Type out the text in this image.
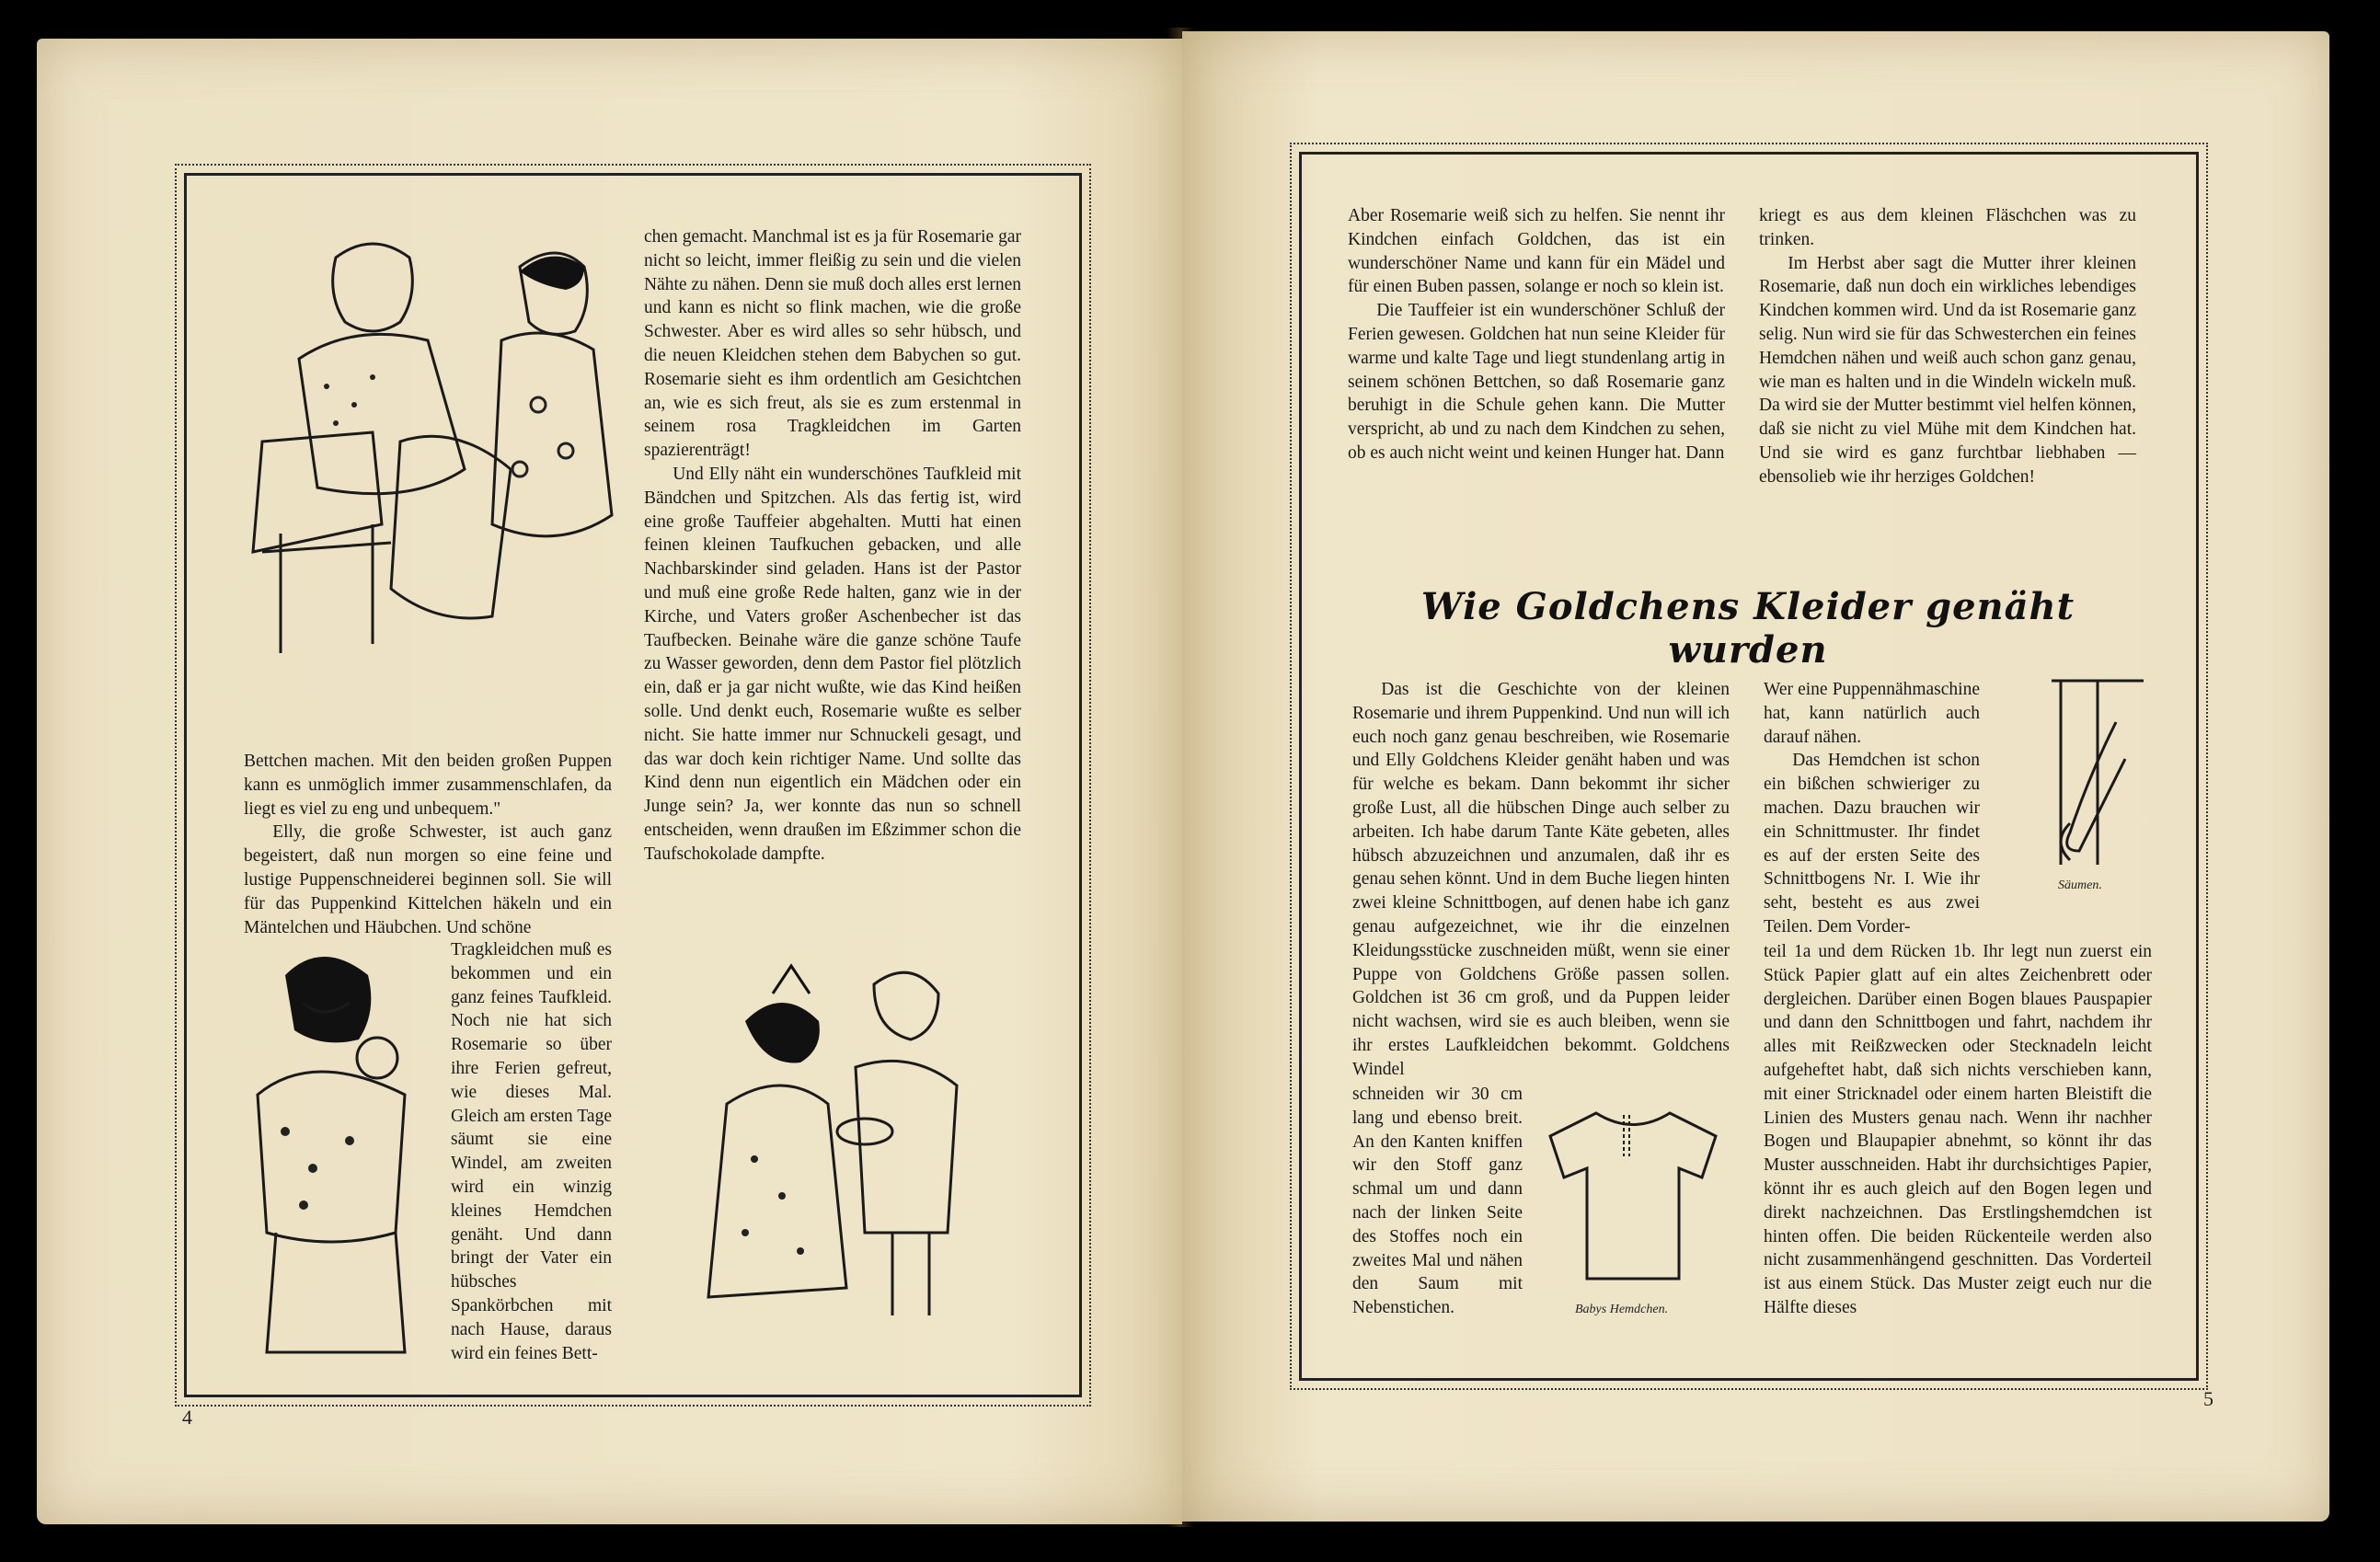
chen gemacht. Manchmal ist es ja für Rosemarie gar nicht so leicht, immer fleißig zu sein und die vielen Nähte zu nähen. Denn sie muß doch alles erst lernen und kann es nicht so flink machen, wie die große Schwester. Aber es wird alles so sehr hübsch, und die neuen Kleidchen stehen dem Babychen so gut. Rosemarie sieht es ihm ordentlich am Gesichtchen an, wie es sich freut, als sie es zum erstenmal in seinem rosa Tragkleidchen im Garten spazierenträgt!

Und Elly näht ein wunderschönes Taufkleid mit Bändchen und Spitzchen. Als das fertig ist, wird eine große Tauffeier abgehalten. Mutti hat einen feinen kleinen Taufkuchen gebacken, und alle Nachbarskinder sind geladen. Hans ist der Pastor und muß eine große Rede halten, ganz wie in der Kirche, und Vaters großer Aschenbecher ist das Taufbecken. Beinahe wäre die ganze schöne Taufe zu Wasser geworden, denn dem Pastor fiel plötzlich ein, daß er ja gar nicht wußte, wie das Kind heißen solle. Und denkt euch, Rosemarie wußte es selber nicht. Sie hatte immer nur Schnuckeli gesagt, und das war doch kein richtiger Name. Und sollte das Kind denn nun eigentlich ein Mädchen oder ein Junge sein? Ja, wer konnte das nun so schnell entscheiden, wenn draußen im Eßzimmer schon die Taufschokolade dampfte.

Bettchen machen. Mit den beiden großen Puppen kann es unmöglich immer zusammenschlafen, da liegt es viel zu eng und unbequem."

Elly, die große Schwester, ist auch ganz begeistert, daß nun morgen so eine feine und lustige Puppenschneiderei beginnen soll. Sie will für das Puppenkind Kittelchen häkeln und ein Mäntelchen und Häubchen. Und schöne

Tragkleidchen muß es bekommen und ein ganz feines Taufkleid. Noch nie hat sich Rosemarie so über ihre Ferien gefreut, wie dieses Mal. Gleich am ersten Tage säumt sie eine Windel, am zweiten wird ein winzig kleines Hemdchen genäht. Und dann bringt der Vater ein hübsches Spankörbchen mit nach Hause, daraus wird ein feines Bett-

4

Aber Rosemarie weiß sich zu helfen. Sie nennt ihr Kindchen einfach Goldchen, das ist ein wunderschöner Name und kann für ein Mädel und für einen Buben passen, solange er noch so klein ist.

Die Tauffeier ist ein wunderschöner Schluß der Ferien gewesen. Goldchen hat nun seine Kleider für warme und kalte Tage und liegt stundenlang artig in seinem schönen Bettchen, so daß Rosemarie ganz beruhigt in die Schule gehen kann. Die Mutter verspricht, ab und zu nach dem Kindchen zu sehen, ob es auch nicht weint und keinen Hunger hat. Dann

kriegt es aus dem kleinen Fläschchen was zu trinken.

Im Herbst aber sagt die Mutter ihrer kleinen Rosemarie, daß nun doch ein wirkliches lebendiges Kindchen kommen wird. Und da ist Rosemarie ganz selig. Nun wird sie für das Schwesterchen ein feines Hemdchen nähen und weiß auch schon ganz genau, wie man es halten und in die Windeln wickeln muß. Da wird sie der Mutter bestimmt viel helfen können, daß sie nicht zu viel Mühe mit dem Kindchen hat. Und sie wird es ganz furchtbar liebhaben — ebensolieb wie ihr herziges Goldchen!

Wie Goldchens Kleider genäht wurden

Das ist die Geschichte von der kleinen Rosemarie und ihrem Puppenkind. Und nun will ich euch noch ganz genau beschreiben, wie Rosemarie und Elly Goldchens Kleider genäht haben und was für welche es bekam. Dann bekommt ihr sicher große Lust, all die hübschen Dinge auch selber zu arbeiten. Ich habe darum Tante Käte gebeten, alles hübsch abzuzeichnen und anzumalen, daß ihr es genau sehen könnt. Und in dem Buche liegen hinten zwei kleine Schnittbogen, auf denen habe ich ganz genau aufgezeichnet, wie ihr die einzelnen Kleidungsstücke zuschneiden müßt, wenn sie einer Puppe von Goldchens Größe passen sollen. Goldchen ist 36 cm groß, und da Puppen leider nicht wachsen, wird sie es auch bleiben, wenn sie ihr erstes Laufkleidchen bekommt. Goldchens Windel

schneiden wir 30 cm lang und ebenso breit. An den Kanten kniffen wir den Stoff ganz schmal um und dann nach der linken Seite des Stoffes noch ein zweites Mal und nähen den Saum mit Nebenstichen.	Babys Hemdchen.

Wer eine Puppennähmaschine hat, kann natürlich auch darauf nähen.

Das Hemdchen ist schon ein bißchen schwieriger zu machen. Dazu brauchen wir ein Schnittmuster. Ihr findet es auf der ersten Seite des Schnittbogens Nr. I. Wie ihr seht, besteht es aus zwei Teilen. Dem Vorder-

Säumen.

teil 1a und dem Rücken 1b. Ihr legt nun zuerst ein Stück Papier glatt auf ein altes Zeichenbrett oder dergleichen. Darüber einen Bogen blaues Pauspapier und dann den Schnittbogen und fahrt, nachdem ihr alles mit Reißzwecken oder Stecknadeln leicht aufgeheftet habt, daß sich nichts verschieben kann, mit einer Stricknadel oder einem harten Bleistift die Linien des Musters genau nach. Wenn ihr nachher Bogen und Blaupapier abnehmt, so könnt ihr das Muster ausschneiden. Habt ihr durchsichtiges Papier, könnt ihr es auch gleich auf den Bogen legen und direkt nachzeichnen. Das Erstlingshemdchen ist hinten offen. Die beiden Rückenteile werden also nicht zusammenhängend geschnitten. Das Vorderteil ist aus einem Stück. Das Muster zeigt euch nur die Hälfte dieses

5
